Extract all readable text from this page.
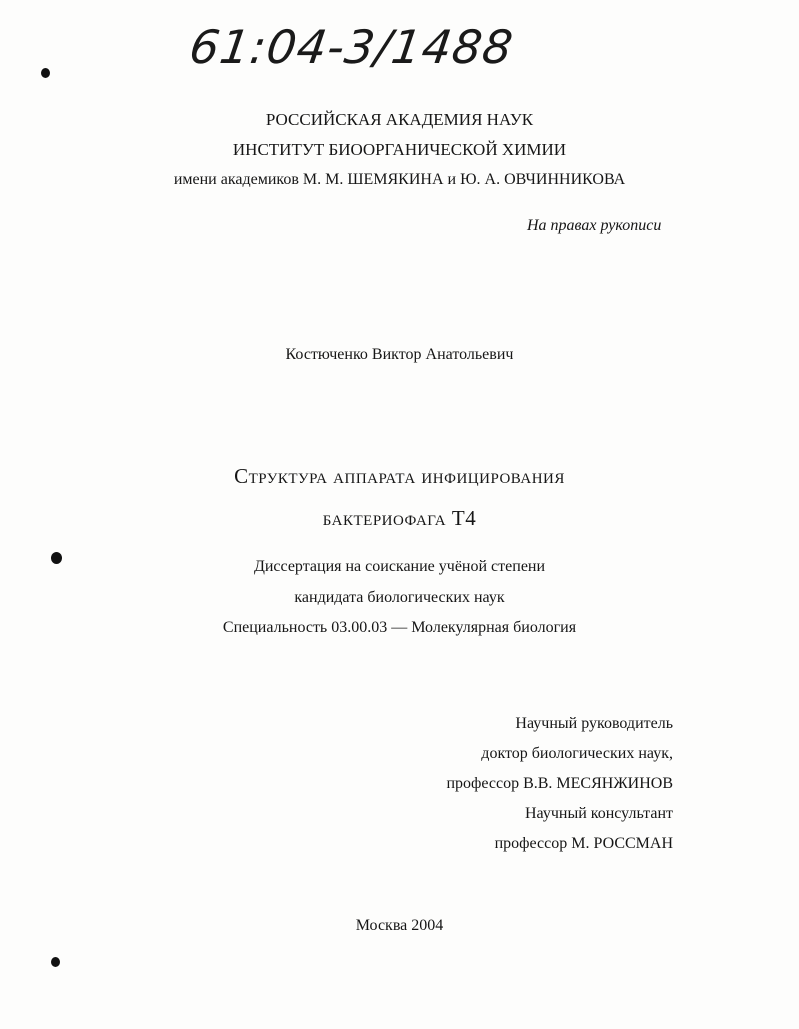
61:04-3/1488
РОССИЙСКАЯ АКАДЕМИЯ НАУК
ИНСТИТУТ БИООРГАНИЧЕСКОЙ ХИМИИ
имени академиков М. М. ШЕМЯКИНА и Ю. А. ОВЧИННИКОВА
На правах рукописи
Костюченко Виктор Анатольевич
Структура аппарата инфицирования
бактериофага Т4
Диссертация на соискание учёной степени
кандидата биологических наук
Специальность 03.00.03 — Молекулярная биология
Научный руководитель
доктор биологических наук,
профессор В.В. МЕСЯНЖИНОВ
Научный консультант
профессор М. РОССМАН
Москва 2004
